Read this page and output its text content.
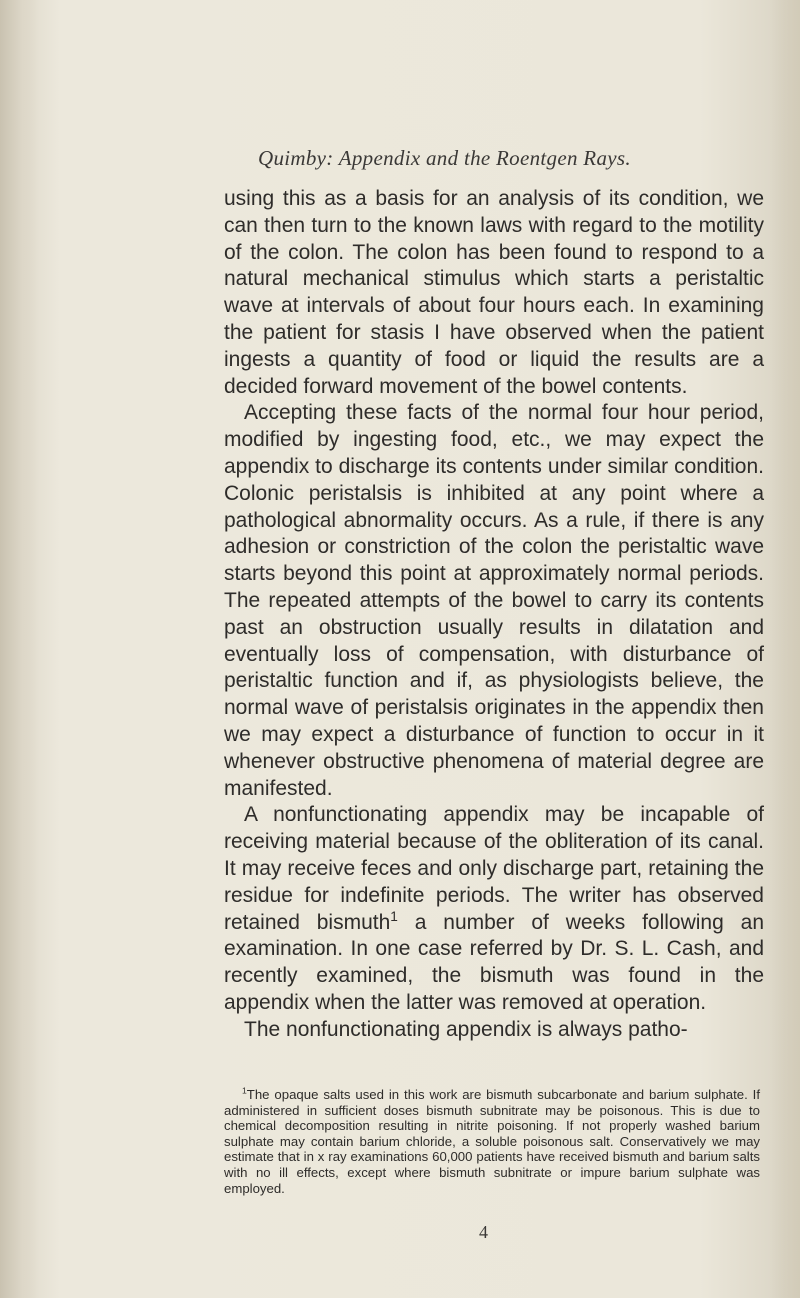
Quimby: Appendix and the Roentgen Rays.

using this as a basis for an analysis of its condition, we can then turn to the known laws with regard to the motility of the colon. The colon has been found to respond to a natural mechanical stimulus which starts a peristaltic wave at intervals of about four hours each. In examining the patient for stasis I have observed when the patient ingests a quantity of food or liquid the results are a decided forward movement of the bowel contents.

Accepting these facts of the normal four hour period, modified by ingesting food, etc., we may expect the appendix to discharge its contents under similar condition. Colonic peristalsis is inhibited at any point where a pathological abnormality occurs. As a rule, if there is any adhesion or constriction of the colon the peristaltic wave starts beyond this point at approximately normal periods. The repeated attempts of the bowel to carry its contents past an obstruction usually results in dilatation and eventually loss of compensation, with disturbance of peristaltic function and if, as physiologists believe, the normal wave of peristalsis originates in the appendix then we may expect a disturbance of function to occur in it whenever obstructive phenomena of material degree are manifested.

A nonfunctionating appendix may be incapable of receiving material because of the obliteration of its canal. It may receive feces and only discharge part, retaining the residue for indefinite periods. The writer has observed retained bismuth$^1$ a number of weeks following an examination. In one case referred by Dr. S. L. Cash, and recently examined, the bismuth was found in the appendix when the latter was removed at operation.

The nonfunctionating appendix is always patho-

$^1$The opaque salts used in this work are bismuth subcarbonate and barium sulphate. If administered in sufficient doses bismuth subnitrate may be poisonous. This is due to chemical decomposition resulting in nitrite poisoning. If not properly washed barium sulphate may contain barium chloride, a soluble poisonous salt. Conservatively we may estimate that in x ray examinations 60,000 patients have received bismuth and barium salts with no ill effects, except where bismuth subnitrate or impure barium sulphate was employed.

4
